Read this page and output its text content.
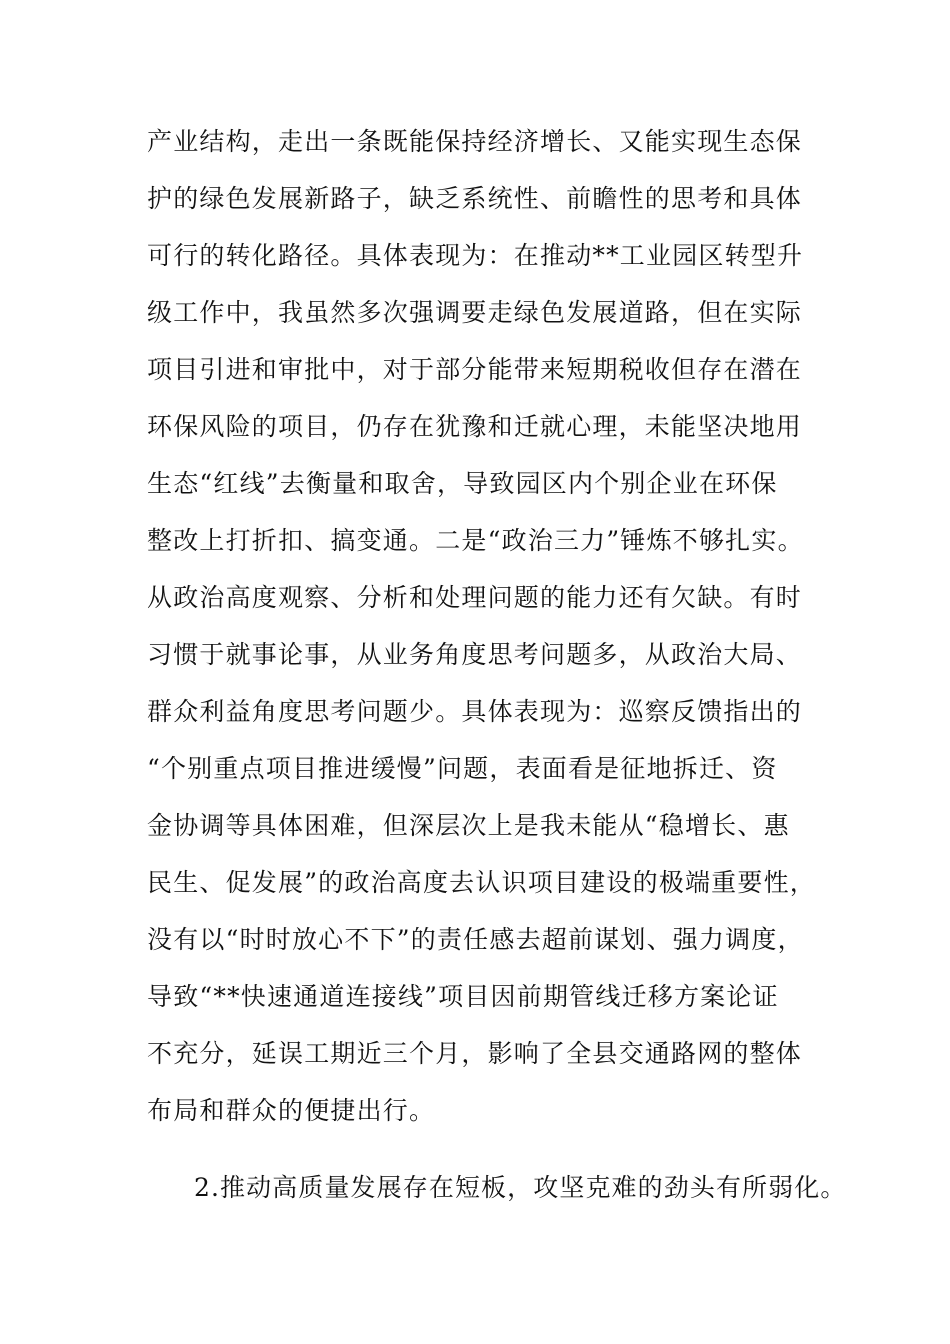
产业结构，走出一条既能保持经济增长、又能实现生态保
护的绿色发展新路子，缺乏系统性、前瞻性的思考和具体
可行的转化路径。具体表现为：在推动**工业园区转型升
级工作中，我虽然多次强调要走绿色发展道路，但在实际
项目引进和审批中，对于部分能带来短期税收但存在潜在
环保风险的项目，仍存在犹豫和迁就心理，未能坚决地用
生态“红线”去衡量和取舍，导致园区内个别企业在环保
整改上打折扣、搞变通。二是“政治三力”锤炼不够扎实。
从政治高度观察、分析和处理问题的能力还有欠缺。有时
习惯于就事论事，从业务角度思考问题多，从政治大局、
群众利益角度思考问题少。具体表现为：巡察反馈指出的
“个别重点项目推进缓慢”问题，表面看是征地拆迁、资
金协调等具体困难，但深层次上是我未能从“稳增长、惠
民生、促发展”的政治高度去认识项目建设的极端重要性，
没有以“时时放心不下”的责任感去超前谋划、强力调度，
导致“**快速通道连接线”项目因前期管线迁移方案论证
不充分，延误工期近三个月，影响了全县交通路网的整体
布局和群众的便捷出行。
2.推动高质量发展存在短板，攻坚克难的劲头有所弱化。
